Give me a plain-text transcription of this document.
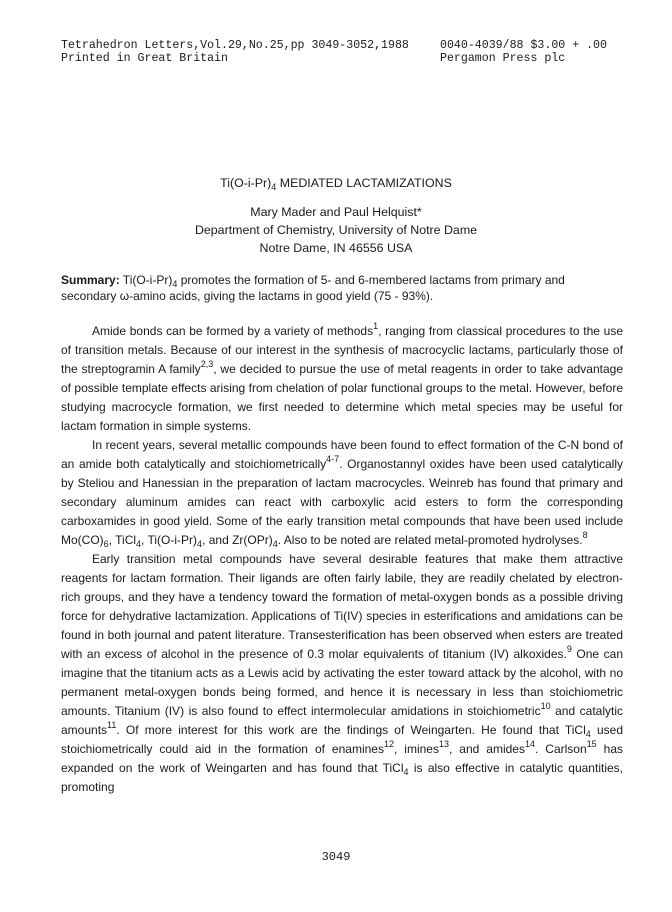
Tetrahedron Letters,Vol.29,No.25,pp 3049-3052,1988
Printed in Great Britain
0040-4039/88 $3.00 + .00
Pergamon Press plc
$Ti(O-i-Pr)_4$ MEDIATED LACTAMIZATIONS
Mary Mader and Paul Helquist*
Department of Chemistry, University of Notre Dame
Notre Dame, IN 46556 USA
Summary: $Ti(O-i-Pr)_4$ promotes the formation of 5- and 6-membered lactams from primary and secondary ω-amino acids, giving the lactams in good yield (75 - 93%).

Amide bonds can be formed by a variety of methods$^1$, ranging from classical procedures to the use of transition metals. Because of our interest in the synthesis of macrocyclic lactams, particularly those of the streptogramin A family$^{2,3}$, we decided to pursue the use of metal reagents in order to take advantage of possible template effects arising from chelation of polar functional groups to the metal. However, before studying macrocycle formation, we first needed to determine which metal species may be useful for lactam formation in simple systems.

In recent years, several metallic compounds have been found to effect formation of the C-N bond of an amide both catalytically and stoichiometrically$^{4-7}$. Organostannyl oxides have been used catalytically by Steliou and Hanessian in the preparation of lactam macrocycles. Weinreb has found that primary and secondary aluminum amides can react with carboxylic acid esters to form the corresponding carboxamides in good yield. Some of the early transition metal compounds that have been used include $Mo(CO)_6$, TiCl$_4$, $Ti(O-i-Pr)_4$, and $Zr(OPr)_4$. Also to be noted are related metal-promoted hydrolyses.$^8$

Early transition metal compounds have several desirable features that make them attractive reagents for lactam formation. Their ligands are often fairly labile, they are readily chelated by electron-rich groups, and they have a tendency toward the formation of metal-oxygen bonds as a possible driving force for dehydrative lactamization. Applications of Ti(IV) species in esterifications and amidations can be found in both journal and patent literature. Transesterification has been observed when esters are treated with an excess of alcohol in the presence of 0.3 molar equivalents of titanium (IV) alkoxides.$^9$ One can imagine that the titanium acts as a Lewis acid by activating the ester toward attack by the alcohol, with no permanent metal-oxygen bonds being formed, and hence it is necessary in less than stoichiometric amounts. Titanium (IV) is also found to effect intermolecular amidations in stoichiometric$^{10}$ and catalytic amounts$^{11}$. Of more interest for this work are the findings of Weingarten. He found that TiCl$_4$ used stoichiometrically could aid in the formation of enamines$^{12}$, imines$^{13}$, and amides$^{14}$. Carlson$^{15}$ has expanded on the work of Weingarten and has found that TiCl$_4$ is also effective in catalytic quantities, promoting

3049
